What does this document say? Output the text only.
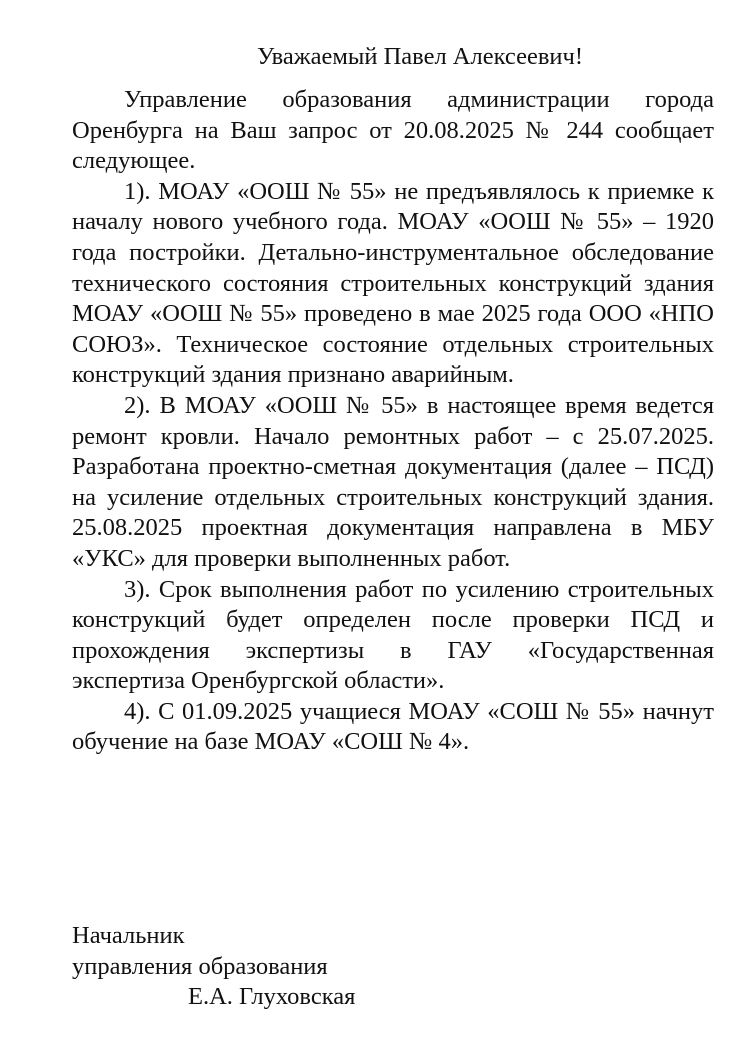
Уважаемый Павел Алексеевич!

Управление образования администрации города Оренбурга на Ваш запрос от 20.08.2025 № 244 сообщает следующее.

1). МОАУ «ООШ № 55» не предъявлялось к приемке к началу нового учебного года. МОАУ «ООШ № 55» – 1920 года постройки. Детально-инструментальное обследование технического состояния строительных конструкций здания МОАУ «ООШ № 55» проведено в мае 2025 года ООО «НПО СОЮЗ». Техническое состояние отдельных строительных конструкций здания признано аварийным.

2). В МОАУ «ООШ № 55» в настоящее время ведется ремонт кровли. Начало ремонтных работ – с 25.07.2025. Разработана проектно-сметная документация (далее – ПСД) на усиление отдельных строительных конструкций здания. 25.08.2025 проектная документация направлена в МБУ «УКС» для проверки выполненных работ.

3). Срок выполнения работ по усилению строительных конструкций будет определен после проверки ПСД и прохождения экспертизы в ГАУ «Государственная экспертиза Оренбургской области».

4). С 01.09.2025 учащиеся МОАУ «СОШ № 55» начнут обучение на базе МОАУ «СОШ № 4».

Начальник

управления образования

Е.А. Глуховская
